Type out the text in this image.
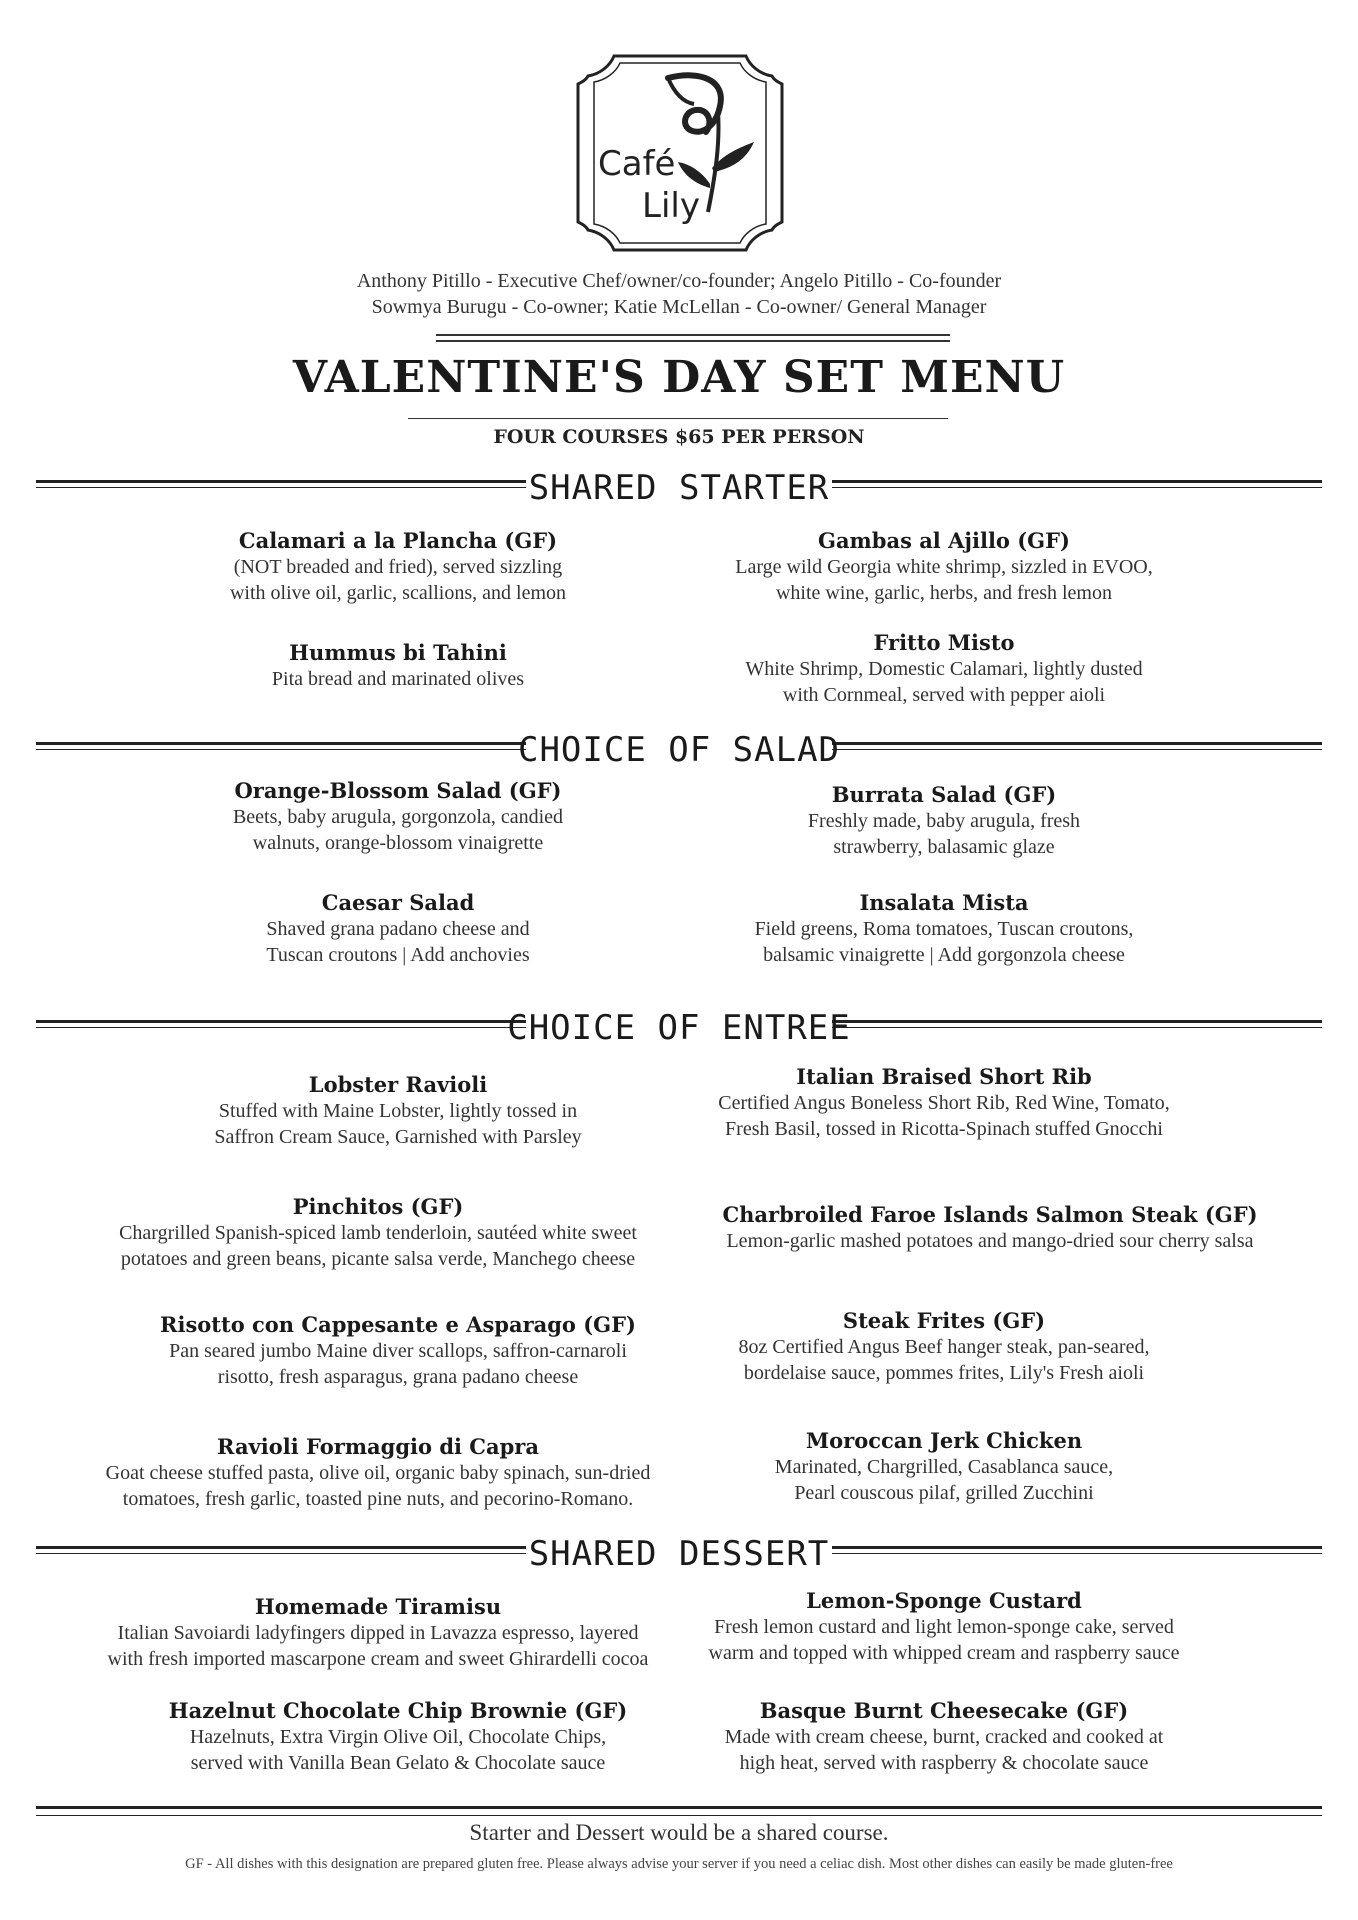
Café
Lily
Anthony Pitillo - Executive Chef/owner/co-founder; Angelo Pitillo - Co-founder
Sowmya Burugu - Co-owner; Katie McLellan - Co-owner/ General Manager
VALENTINE'S DAY SET MENU
FOUR COURSES $65 PER PERSON
SHARED STARTER
Calamari a la Plancha (GF)
(NOT breaded and fried), served sizzling
with olive oil, garlic, scallions, and lemon
Gambas al Ajillo (GF)
Large wild Georgia white shrimp, sizzled in EVOO,
white wine, garlic, herbs, and fresh lemon
Hummus bi Tahini
Pita bread and marinated olives
Fritto Misto
White Shrimp, Domestic Calamari, lightly dusted
with Cornmeal, served with pepper aioli
CHOICE OF SALAD
Orange-Blossom Salad (GF)
Beets, baby arugula, gorgonzola, candied
walnuts, orange-blossom vinaigrette
Burrata Salad (GF)
Freshly made, baby arugula, fresh
strawberry, balasamic glaze
Caesar Salad
Shaved grana padano cheese and
Tuscan croutons | Add anchovies
Insalata Mista
Field greens, Roma tomatoes, Tuscan croutons,
balsamic vinaigrette | Add gorgonzola cheese
CHOICE OF ENTREE
Lobster Ravioli
Stuffed with Maine Lobster, lightly tossed in
Saffron Cream Sauce, Garnished with Parsley
Italian Braised Short Rib
Certified Angus Boneless Short Rib, Red Wine, Tomato,
Fresh Basil, tossed in Ricotta-Spinach stuffed Gnocchi
Pinchitos (GF)
Chargrilled Spanish-spiced lamb tenderloin, sautéed white sweet
potatoes and green beans, picante salsa verde, Manchego cheese
Charbroiled Faroe Islands Salmon Steak (GF)
Lemon-garlic mashed potatoes and mango-dried sour cherry salsa
Risotto con Cappesante e Asparago (GF)
Pan seared jumbo Maine diver scallops, saffron-carnaroli
risotto, fresh asparagus, grana padano cheese
Steak Frites (GF)
8oz Certified Angus Beef hanger steak, pan-seared,
bordelaise sauce, pommes frites, Lily's Fresh aioli
Ravioli Formaggio di Capra
Goat cheese stuffed pasta, olive oil, organic baby spinach, sun-dried
tomatoes, fresh garlic, toasted pine nuts, and pecorino-Romano.
Moroccan Jerk Chicken
Marinated, Chargrilled, Casablanca sauce,
Pearl couscous pilaf, grilled Zucchini
SHARED DESSERT
Homemade Tiramisu
Italian Savoiardi ladyfingers dipped in Lavazza espresso, layered
with fresh imported mascarpone cream and sweet Ghirardelli cocoa
Lemon-Sponge Custard
Fresh lemon custard and light lemon-sponge cake, served
warm and topped with whipped cream and raspberry sauce
Hazelnut Chocolate Chip Brownie (GF)
Hazelnuts, Extra Virgin Olive Oil, Chocolate Chips,
served with Vanilla Bean Gelato & Chocolate sauce
Basque Burnt Cheesecake (GF)
Made with cream cheese, burnt, cracked and cooked at
high heat, served with raspberry & chocolate sauce
Starter and Dessert would be a shared course.
GF - All dishes with this designation are prepared gluten free. Please always advise your server if you need a celiac dish. Most other dishes can easily be made gluten-free
